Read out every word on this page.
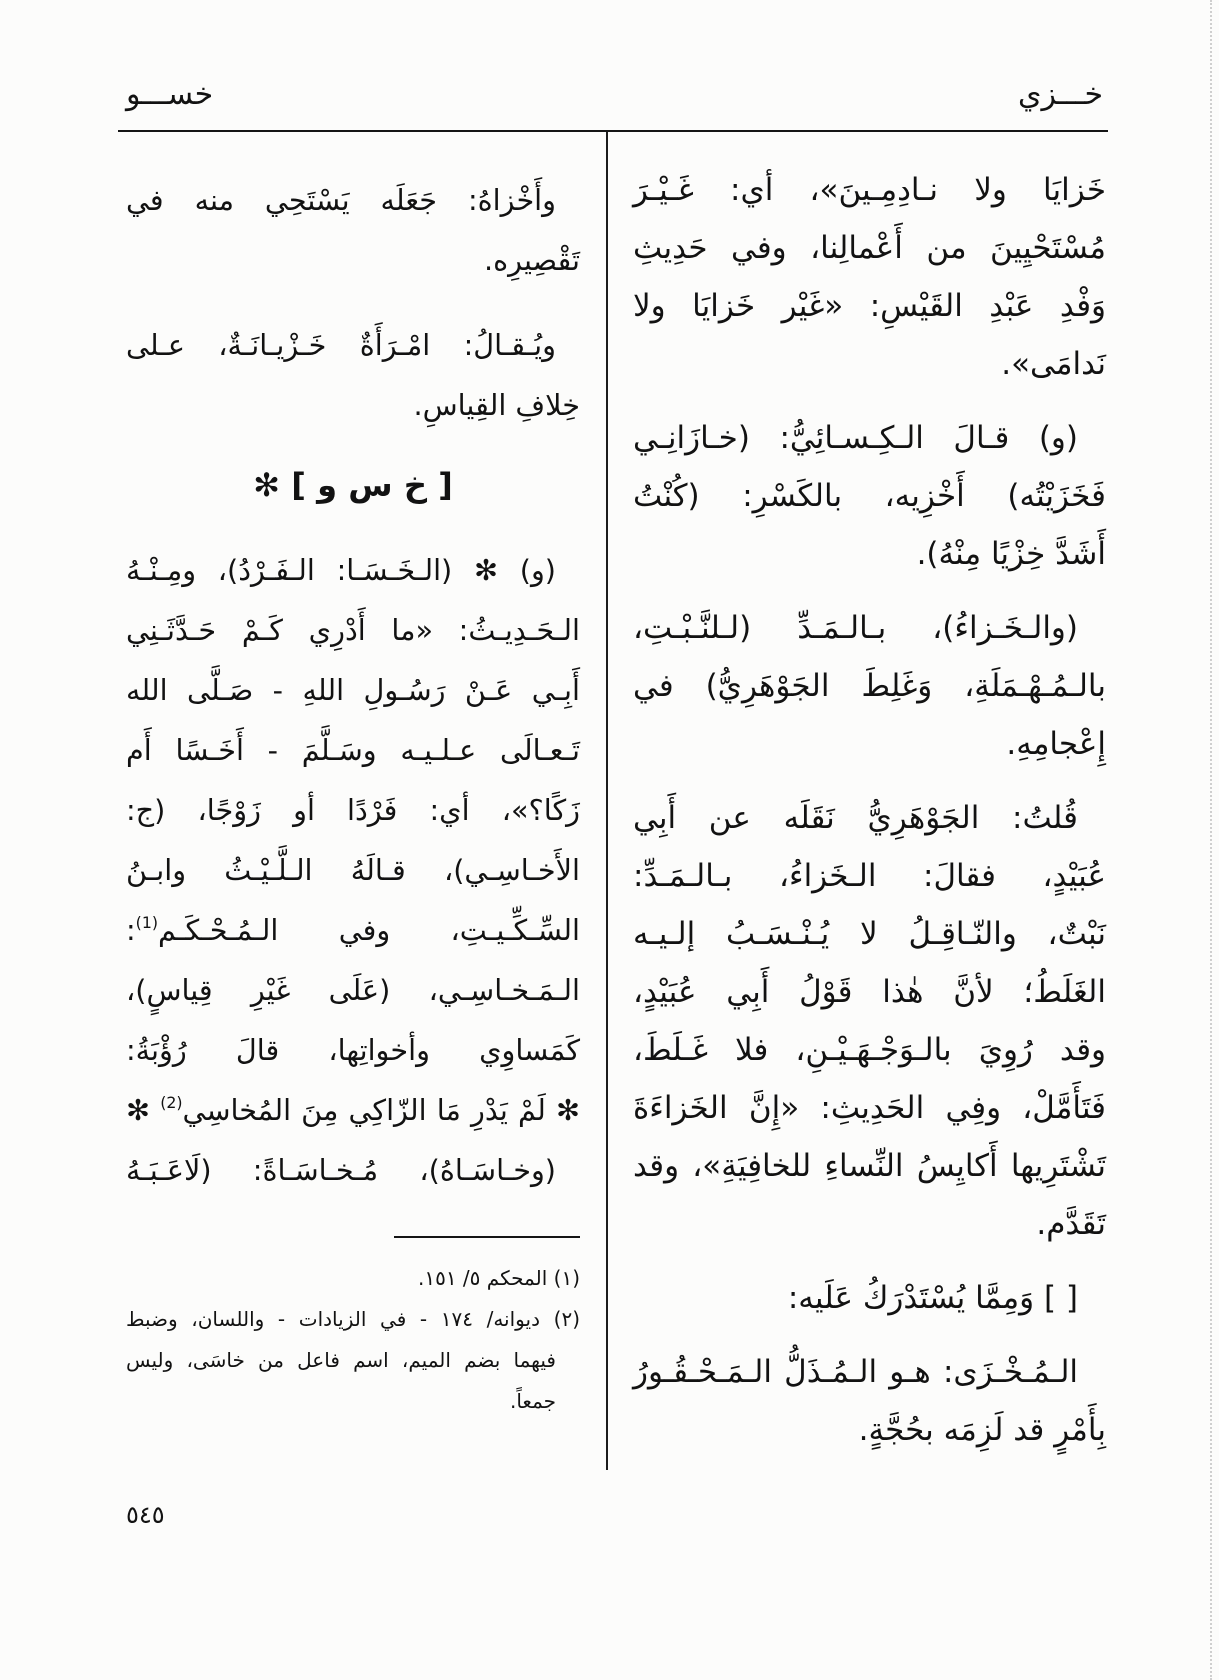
خـــزي
خســـو
خَزايَا ولا نـادِمِـينَ»، أي: غَـيْـرَ
مُسْتَحْيِينَ من أَعْمالِنا، وفي حَدِيثِ
وَفْدِ عَبْدِ القَيْسِ: «غَيْر خَزايَا ولا
نَدامَى».
(و) قـالَ الـكِـسـائِيُّ: (خـازَانِـي
فَخَزَيْتُه) أَخْزِيه، بالكَسْرِ: (كُنْتُ
أَشَدَّ خِزْيًا مِنْهُ).
(والـخَـزاءُ)، بـالـمَـدِّ (لـلنَّـبْـتِ،
بالـمُـهْـمَلَةِ، وَغَلِطَ الجَوْهَرِيُّ) في
إِعْجامِهِ.
قُلتُ: الجَوْهَرِيُّ نَقَلَه عن أَبِي
عُبَيْدٍ، فقالَ: الـخَزاءُ، بـالـمَـدِّ:
نَبْتٌ، والنّـاقِـلُ لا يُـنْـسَـبُ إلـيـه
الغَلَطُ؛ لأنَّ هٰذا قَوْلُ أَبِي عُبَيْدٍ،
وقد رُوِيَ بالـوَجْـهَـيْـنِ، فلا غَـلَطَ،
فَتَأَمَّلْ، وفِي الحَدِيثِ: «إِنَّ الخَزاءَةَ
تَشْتَرِيها أَكايِسُ النِّساءِ للخافِيَةِ»، وقد
تَقَدَّم.
[ ] وَمِمَّا يُسْتَدْرَكُ عَلَيه:
الـمُـخْـزَى: هـو الـمُـذَلُّ الـمَـحْـقُـورُ
بِأَمْرٍ قد لَزِمَه بحُجَّةٍ.
وأَخْزاهُ: جَعَلَه يَسْتَحِي منه في
تَقْصِيرِه.
ويُـقـالُ: امْـرَأَةٌ خَـزْيـانَـةٌ، عـلى
خِلافِ القِياسِ.
[ خ س و ] ✻
(و) ✻ (الـخَـسَـا: الـفَـرْدُ)، ومِـنْـهُ
الـحَـدِيـثُ: «ما أَدْرِي كَـمْ حَـدَّثَـنِي
أَبِـي عَـنْ رَسُـولِ اللهِ - صَـلَّى الله
تَـعـالَى عـلـيـه وسَـلَّمَ - أَخَـسًا أَم
زَكًا؟»، أي: فَرْدًا أو زَوْجًا، (ج:
الأَخـاسِـي)، قـالَهُ الـلَّـيْـثُ وابـنُ
السِّـكِّـيـتِ، وفي الـمُـحْـكَـم$^{(1)}$:
الـمَـخـاسِـي، (عَلَى غَيْرِ قِياسٍ)،
كَمَساوِي وأخواتِها، قالَ رُؤْبَةُ:
✻ لَمْ يَدْرِ مَا الزّاكِي مِنَ المُخاسِي$^{(2)}$ ✻
(وخـاسَـاهُ)، مُـخـاسَـاةً: (لَاعَـبَـهُ
(١) المحكم ٥/ ١٥١.
(٢) ديوانه/ ١٧٤ - في الزيادات - واللسان، وضبط
فيهما بضم الميم، اسم فاعل من خاسَى، وليس
جمعاً.
٥٤٥
